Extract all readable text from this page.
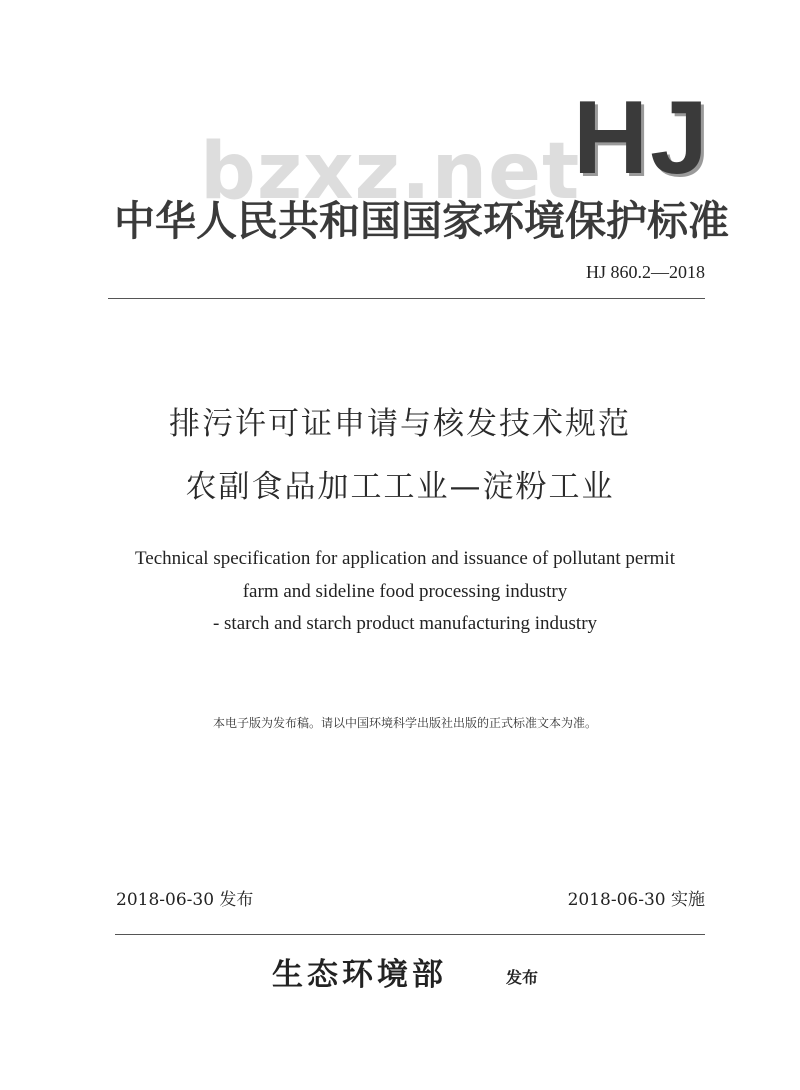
bzxz.net
HJ
中华人民共和国国家环境保护标准
HJ 860.2—2018
排污许可证申请与核发技术规范
农副食品加工工业—淀粉工业
Technical specification for application and issuance of pollutant permit
farm and sideline food processing industry
- starch and starch product manufacturing industry
本电子版为发布稿。请以中国环境科学出版社出版的正式标准文本为准。
2018-06-30 发布	2018-06-30 实施
生态环境部	发布
